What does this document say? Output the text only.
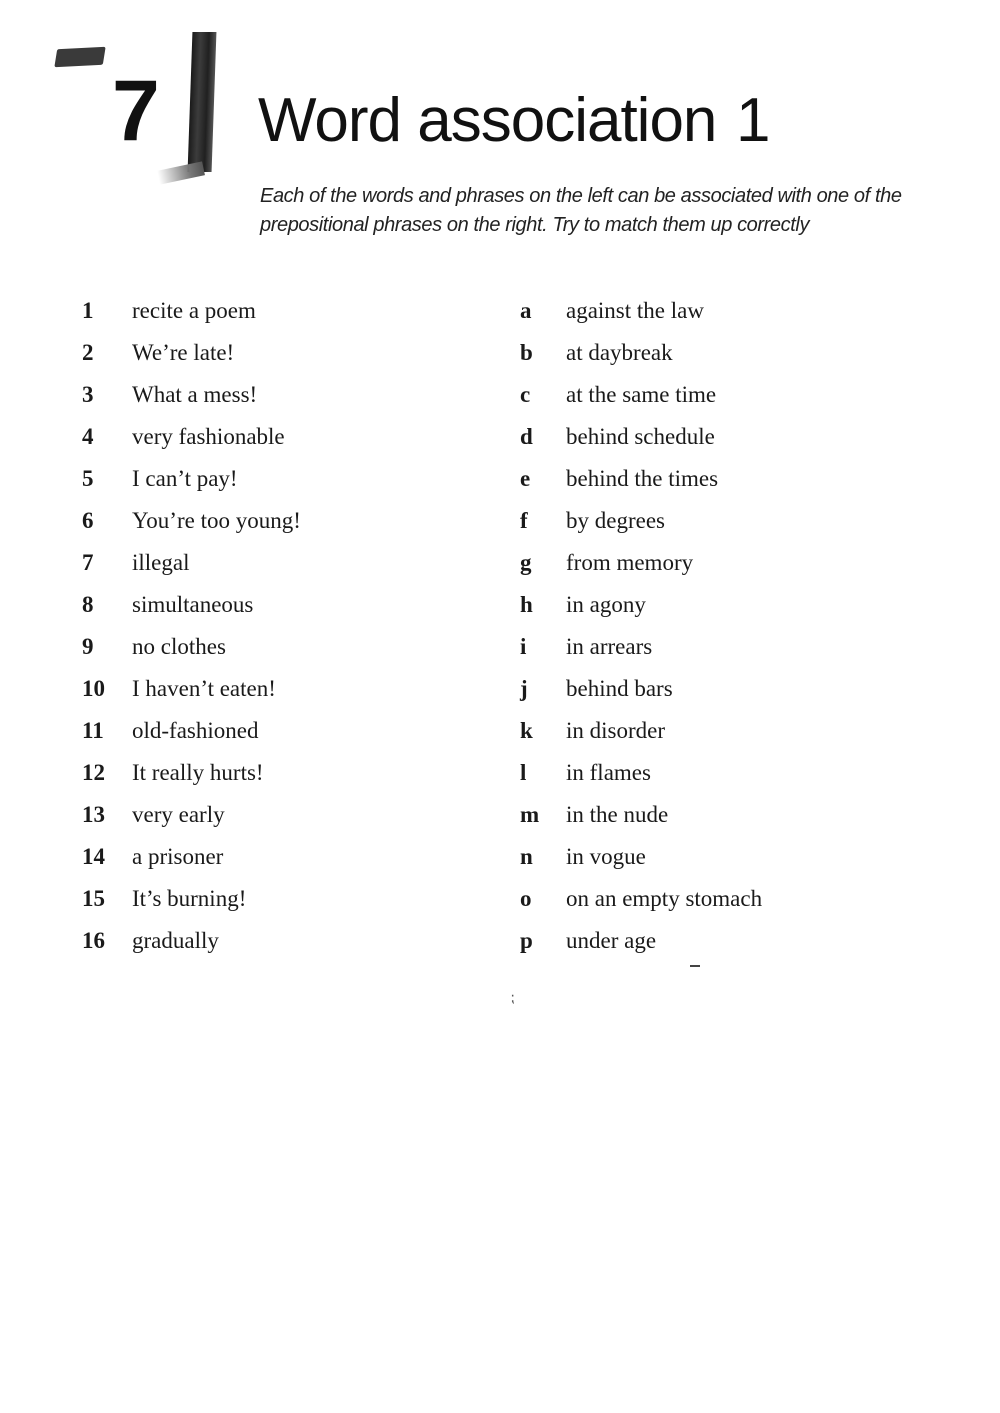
7 Word association 1
Each of the words and phrases on the left can be associated with one of the prepositional phrases on the right. Try to match them up correctly
1	recite a poem
2	We’re late!
3	What a mess!
4	very fashionable
5	I can’t pay!
6	You’re too young!
7	illegal
8	simultaneous
9	no clothes
10	I haven’t eaten!
11	old-fashioned
12	It really hurts!
13	very early
14	a prisoner
15	It’s burning!
16	gradually
a	against the law
b	at daybreak
c	at the same time
d	behind schedule
e	behind the times
f	by degrees
g	from memory
h	in agony
i	in arrears
j	behind bars
k	in disorder
l	in flames
m	in the nude
n	in vogue
o	on an empty stomach
p	under age
⁏
